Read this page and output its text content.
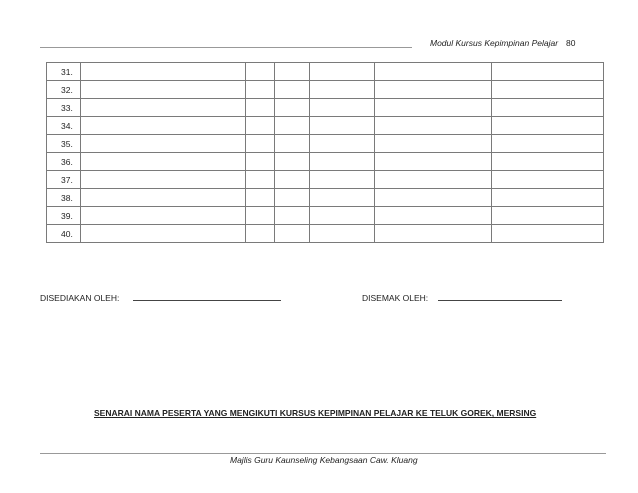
Modul Kursus Kepimpinan Pelajar 80
31.						
32.						
33.						
34.						
35.						
36.						
37.						
38.						
39.						
40.						
DISEDIAKAN OLEH:	DISEMAK OLEH:
SENARAI NAMA PESERTA YANG MENGIKUTI KURSUS KEPIMPINAN PELAJAR KE TELUK GOREK, MERSING
Majlis Guru Kaunseling Kebangsaan Caw. Kluang
